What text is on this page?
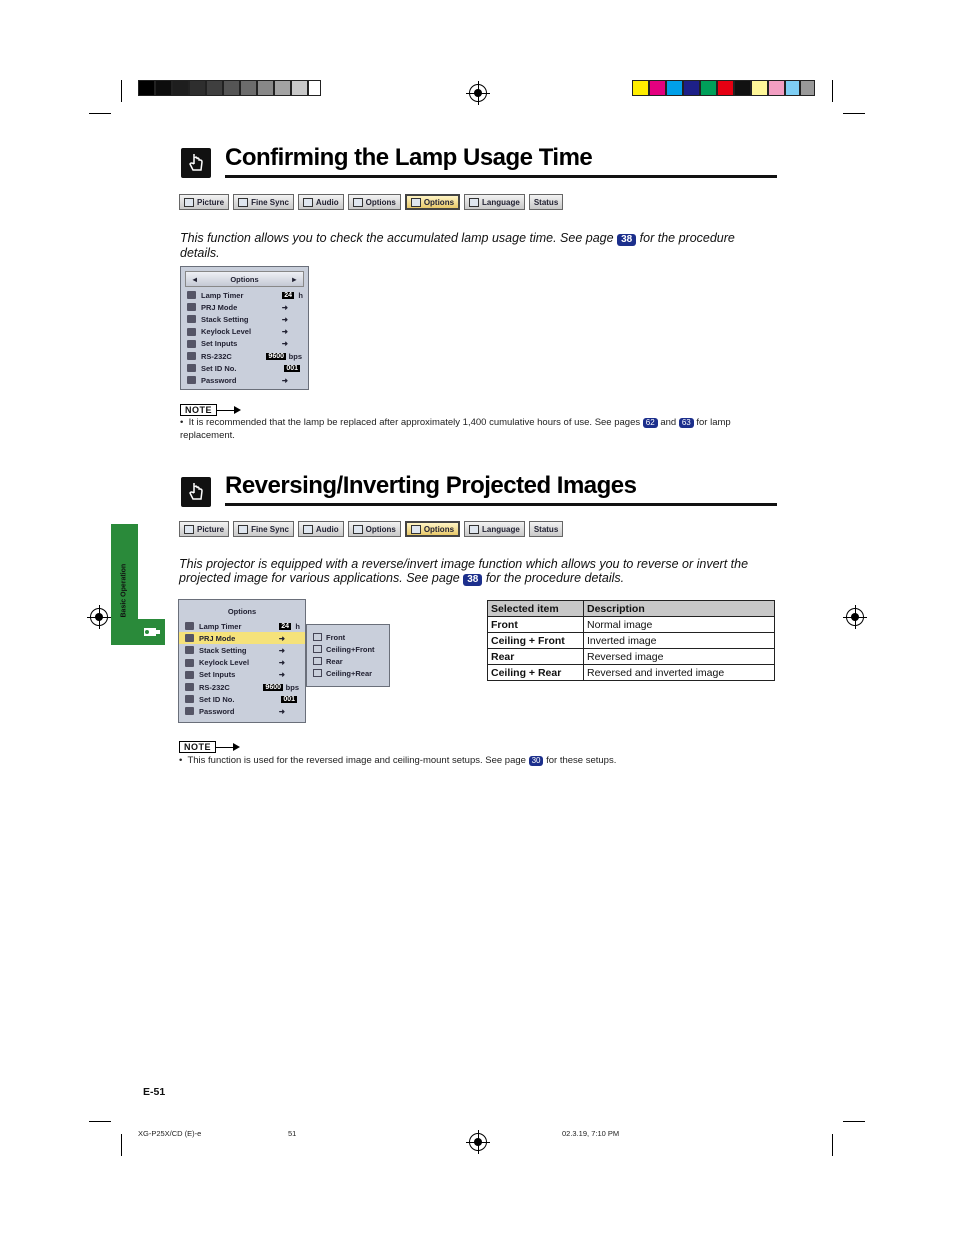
Confirming the Lamp Usage Time
Picture	Fine Sync	Audio	Options	Options	Language Status
This function allows you to check the accumulated lamp usage time. See page 38 for the procedure details.
◄	Options	►
Lamp Timer	24 h
PRJ Mode	➜
Stack Setting	➜
Keylock Level	➜
Set Inputs	➜
RS-232C	9600 bps
Set ID No.	001
Password	➜
NOTE
•  It is recommended that the lamp be replaced after approximately 1,400 cumulative hours of use. See pages 62 and 63 for lamp replacement.
Reversing/Inverting Projected Images
Picture	Fine Sync	Audio	Options	Options	Language Status
This projector is equipped with a reverse/invert image function which allows you to reverse or invert the projected image for various applications. See page 38 for the procedure details.
Options
Lamp Timer	24 h
PRJ Mode	➜
Stack Setting	➜
Keylock Level	➜
Set Inputs	➜
RS-232C	9600 bps
Set ID No.	001
Password	➜
Front
Ceiling+Front
Rear
Ceiling+Rear
Selected item	Description
Front	Normal image
Ceiling + Front	Inverted image
Rear	Reversed image
Ceiling + Rear	Reversed and inverted image
NOTE
•  This function is used for the reversed image and ceiling-mount setups. See page 30 for these setups.
Basic Operation
E-51
XG-P25X/CD (E)-e	51	02.3.19, 7:10 PM
